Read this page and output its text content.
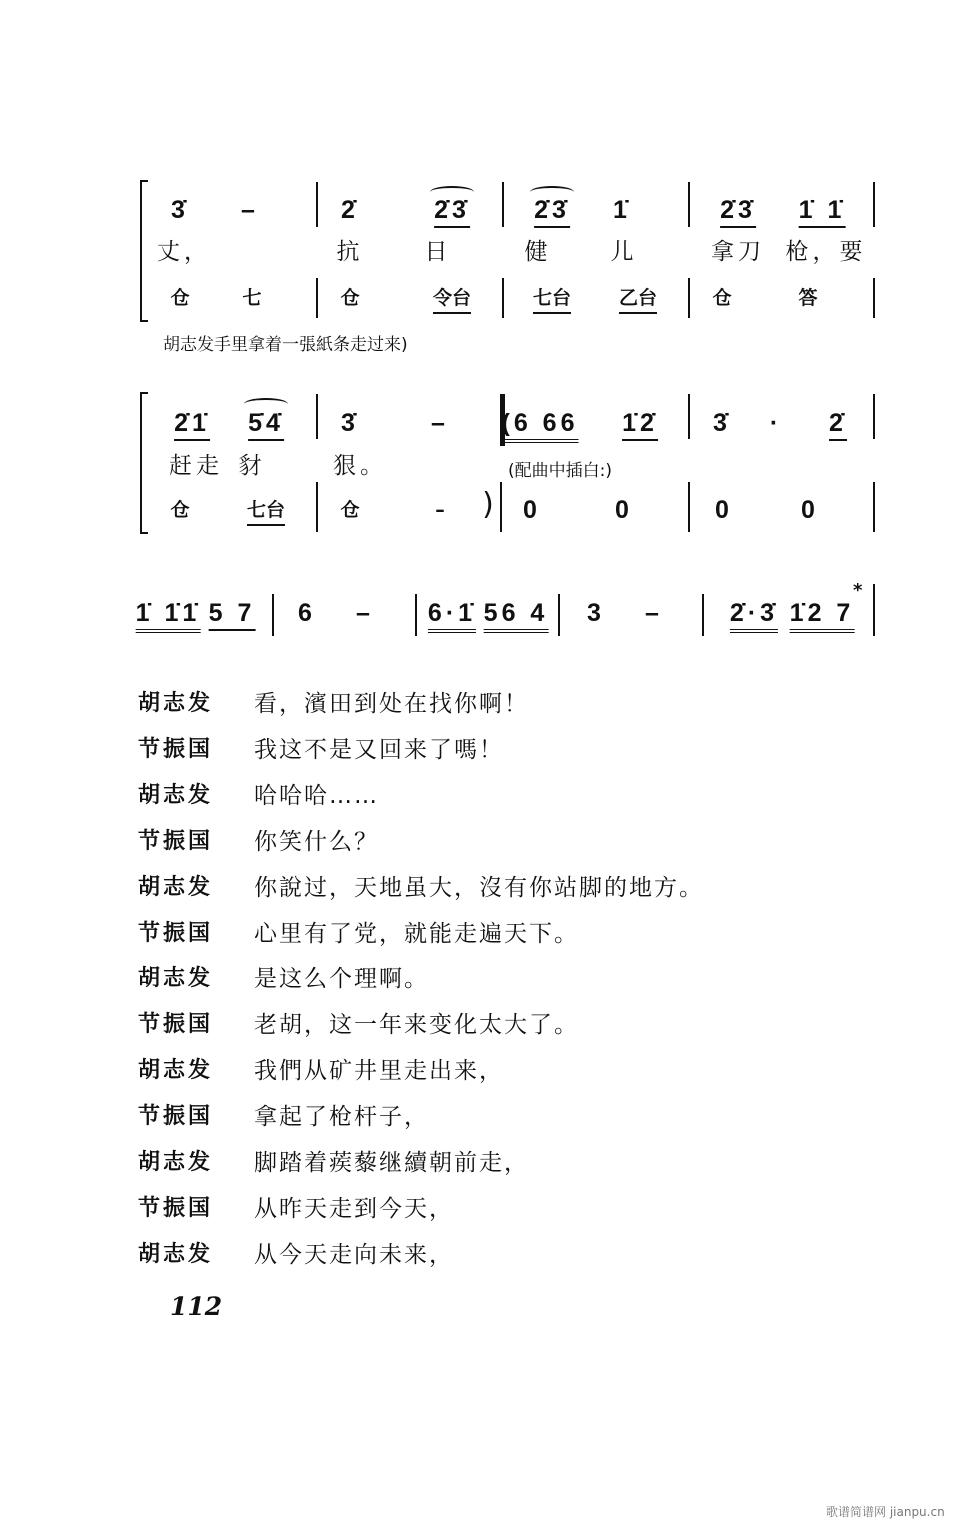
3̇ –	2̇	2̇3̇	2̇3̇ 1̇	2̇3̇ 1̇ 1̇
丈，	抗	日	健	儿	拿刀 枪，要
仓	七	仓	令台	七台	乙台	仓	答
胡志发手里拿着一張紙条走过来)
2̇1̇ 5̇4̇ 3̇	– (6 66 1̇2̇ 3̇ · 2̇
赶走 豺	狠。	(配曲中插白:)
仓	七台	仓	– ) 0	0	0	0
1̇ 1̇1̇ 5 7 6 – 6·1̇ 56 4 3 –	2̇·3̇ 1̇2 7
*
胡志发 看，濱田到处在找你啊！
节振国 我这不是又回来了嗎！
胡志发 哈哈哈……
节振国 你笑什么？
胡志发 你說过，天地虽大，沒有你站脚的地方。
节振国 心里有了党，就能走遍天下。
胡志发 是这么个理啊。
节振国 老胡，这一年来变化太大了。
胡志发 我們从矿井里走出来，
节振国 拿起了枪杆子，
胡志发 脚踏着蒺藜继續朝前走，
节振国 从昨天走到今天，
胡志发 从今天走向未来，
112
歌谱简谱网 jianpu.cn
